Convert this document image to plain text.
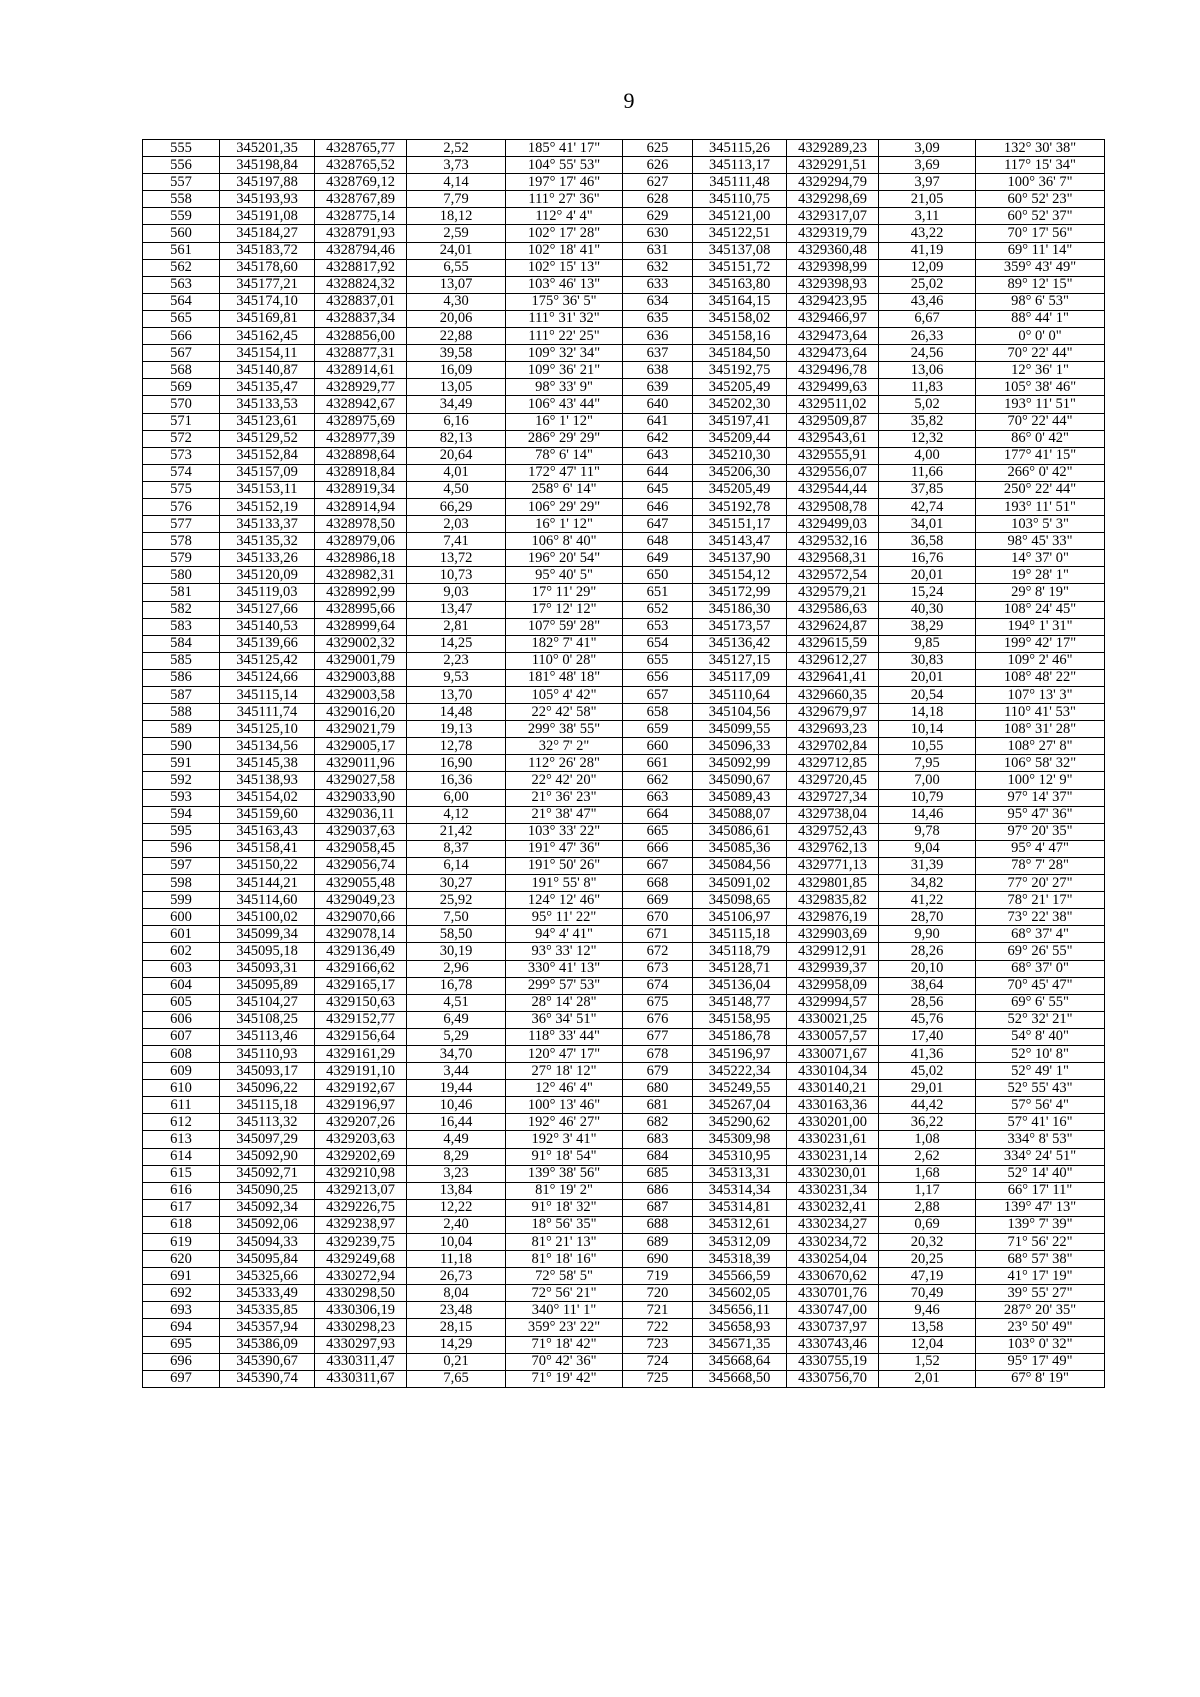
9
555	345201,35	4328765,77	2,52	185° 41' 17"	625	345115,26	4329289,23	3,09	132° 30' 38"
556	345198,84	4328765,52	3,73	104° 55' 53"	626	345113,17	4329291,51	3,69	117° 15' 34"
557	345197,88	4328769,12	4,14	197° 17' 46"	627	345111,48	4329294,79	3,97	100° 36' 7"
558	345193,93	4328767,89	7,79	111° 27' 36"	628	345110,75	4329298,69	21,05	60° 52' 23"
559	345191,08	4328775,14	18,12	112° 4' 4"	629	345121,00	4329317,07	3,11	60° 52' 37"
560	345184,27	4328791,93	2,59	102° 17' 28"	630	345122,51	4329319,79	43,22	70° 17' 56"
561	345183,72	4328794,46	24,01	102° 18' 41"	631	345137,08	4329360,48	41,19	69° 11' 14"
562	345178,60	4328817,92	6,55	102° 15' 13"	632	345151,72	4329398,99	12,09	359° 43' 49"
563	345177,21	4328824,32	13,07	103° 46' 13"	633	345163,80	4329398,93	25,02	89° 12' 15"
564	345174,10	4328837,01	4,30	175° 36' 5"	634	345164,15	4329423,95	43,46	98° 6' 53"
565	345169,81	4328837,34	20,06	111° 31' 32"	635	345158,02	4329466,97	6,67	88° 44' 1"
566	345162,45	4328856,00	22,88	111° 22' 25"	636	345158,16	4329473,64	26,33	0° 0' 0"
567	345154,11	4328877,31	39,58	109° 32' 34"	637	345184,50	4329473,64	24,56	70° 22' 44"
568	345140,87	4328914,61	16,09	109° 36' 21"	638	345192,75	4329496,78	13,06	12° 36' 1"
569	345135,47	4328929,77	13,05	98° 33' 9"	639	345205,49	4329499,63	11,83	105° 38' 46"
570	345133,53	4328942,67	34,49	106° 43' 44"	640	345202,30	4329511,02	5,02	193° 11' 51"
571	345123,61	4328975,69	6,16	16° 1' 12"	641	345197,41	4329509,87	35,82	70° 22' 44"
572	345129,52	4328977,39	82,13	286° 29' 29"	642	345209,44	4329543,61	12,32	86° 0' 42"
573	345152,84	4328898,64	20,64	78° 6' 14"	643	345210,30	4329555,91	4,00	177° 41' 15"
574	345157,09	4328918,84	4,01	172° 47' 11"	644	345206,30	4329556,07	11,66	266° 0' 42"
575	345153,11	4328919,34	4,50	258° 6' 14"	645	345205,49	4329544,44	37,85	250° 22' 44"
576	345152,19	4328914,94	66,29	106° 29' 29"	646	345192,78	4329508,78	42,74	193° 11' 51"
577	345133,37	4328978,50	2,03	16° 1' 12"	647	345151,17	4329499,03	34,01	103° 5' 3"
578	345135,32	4328979,06	7,41	106° 8' 40"	648	345143,47	4329532,16	36,58	98° 45' 33"
579	345133,26	4328986,18	13,72	196° 20' 54"	649	345137,90	4329568,31	16,76	14° 37' 0"
580	345120,09	4328982,31	10,73	95° 40' 5"	650	345154,12	4329572,54	20,01	19° 28' 1"
581	345119,03	4328992,99	9,03	17° 11' 29"	651	345172,99	4329579,21	15,24	29° 8' 19"
582	345127,66	4328995,66	13,47	17° 12' 12"	652	345186,30	4329586,63	40,30	108° 24' 45"
583	345140,53	4328999,64	2,81	107° 59' 28"	653	345173,57	4329624,87	38,29	194° 1' 31"
584	345139,66	4329002,32	14,25	182° 7' 41"	654	345136,42	4329615,59	9,85	199° 42' 17"
585	345125,42	4329001,79	2,23	110° 0' 28"	655	345127,15	4329612,27	30,83	109° 2' 46"
586	345124,66	4329003,88	9,53	181° 48' 18"	656	345117,09	4329641,41	20,01	108° 48' 22"
587	345115,14	4329003,58	13,70	105° 4' 42"	657	345110,64	4329660,35	20,54	107° 13' 3"
588	345111,74	4329016,20	14,48	22° 42' 58"	658	345104,56	4329679,97	14,18	110° 41' 53"
589	345125,10	4329021,79	19,13	299° 38' 55"	659	345099,55	4329693,23	10,14	108° 31' 28"
590	345134,56	4329005,17	12,78	32° 7' 2"	660	345096,33	4329702,84	10,55	108° 27' 8"
591	345145,38	4329011,96	16,90	112° 26' 28"	661	345092,99	4329712,85	7,95	106° 58' 32"
592	345138,93	4329027,58	16,36	22° 42' 20"	662	345090,67	4329720,45	7,00	100° 12' 9"
593	345154,02	4329033,90	6,00	21° 36' 23"	663	345089,43	4329727,34	10,79	97° 14' 37"
594	345159,60	4329036,11	4,12	21° 38' 47"	664	345088,07	4329738,04	14,46	95° 47' 36"
595	345163,43	4329037,63	21,42	103° 33' 22"	665	345086,61	4329752,43	9,78	97° 20' 35"
596	345158,41	4329058,45	8,37	191° 47' 36"	666	345085,36	4329762,13	9,04	95° 4' 47"
597	345150,22	4329056,74	6,14	191° 50' 26"	667	345084,56	4329771,13	31,39	78° 7' 28"
598	345144,21	4329055,48	30,27	191° 55' 8"	668	345091,02	4329801,85	34,82	77° 20' 27"
599	345114,60	4329049,23	25,92	124° 12' 46"	669	345098,65	4329835,82	41,22	78° 21' 17"
600	345100,02	4329070,66	7,50	95° 11' 22"	670	345106,97	4329876,19	28,70	73° 22' 38"
601	345099,34	4329078,14	58,50	94° 4' 41"	671	345115,18	4329903,69	9,90	68° 37' 4"
602	345095,18	4329136,49	30,19	93° 33' 12"	672	345118,79	4329912,91	28,26	69° 26' 55"
603	345093,31	4329166,62	2,96	330° 41' 13"	673	345128,71	4329939,37	20,10	68° 37' 0"
604	345095,89	4329165,17	16,78	299° 57' 53"	674	345136,04	4329958,09	38,64	70° 45' 47"
605	345104,27	4329150,63	4,51	28° 14' 28"	675	345148,77	4329994,57	28,56	69° 6' 55"
606	345108,25	4329152,77	6,49	36° 34' 51"	676	345158,95	4330021,25	45,76	52° 32' 21"
607	345113,46	4329156,64	5,29	118° 33' 44"	677	345186,78	4330057,57	17,40	54° 8' 40"
608	345110,93	4329161,29	34,70	120° 47' 17"	678	345196,97	4330071,67	41,36	52° 10' 8"
609	345093,17	4329191,10	3,44	27° 18' 12"	679	345222,34	4330104,34	45,02	52° 49' 1"
610	345096,22	4329192,67	19,44	12° 46' 4"	680	345249,55	4330140,21	29,01	52° 55' 43"
611	345115,18	4329196,97	10,46	100° 13' 46"	681	345267,04	4330163,36	44,42	57° 56' 4"
612	345113,32	4329207,26	16,44	192° 46' 27"	682	345290,62	4330201,00	36,22	57° 41' 16"
613	345097,29	4329203,63	4,49	192° 3' 41"	683	345309,98	4330231,61	1,08	334° 8' 53"
614	345092,90	4329202,69	8,29	91° 18' 54"	684	345310,95	4330231,14	2,62	334° 24' 51"
615	345092,71	4329210,98	3,23	139° 38' 56"	685	345313,31	4330230,01	1,68	52° 14' 40"
616	345090,25	4329213,07	13,84	81° 19' 2"	686	345314,34	4330231,34	1,17	66° 17' 11"
617	345092,34	4329226,75	12,22	91° 18' 32"	687	345314,81	4330232,41	2,88	139° 47' 13"
618	345092,06	4329238,97	2,40	18° 56' 35"	688	345312,61	4330234,27	0,69	139° 7' 39"
619	345094,33	4329239,75	10,04	81° 21' 13"	689	345312,09	4330234,72	20,32	71° 56' 22"
620	345095,84	4329249,68	11,18	81° 18' 16"	690	345318,39	4330254,04	20,25	68° 57' 38"
691	345325,66	4330272,94	26,73	72° 58' 5"	719	345566,59	4330670,62	47,19	41° 17' 19"
692	345333,49	4330298,50	8,04	72° 56' 21"	720	345602,05	4330701,76	70,49	39° 55' 27"
693	345335,85	4330306,19	23,48	340° 11' 1"	721	345656,11	4330747,00	9,46	287° 20' 35"
694	345357,94	4330298,23	28,15	359° 23' 22"	722	345658,93	4330737,97	13,58	23° 50' 49"
695	345386,09	4330297,93	14,29	71° 18' 42"	723	345671,35	4330743,46	12,04	103° 0' 32"
696	345390,67	4330311,47	0,21	70° 42' 36"	724	345668,64	4330755,19	1,52	95° 17' 49"
697	345390,74	4330311,67	7,65	71° 19' 42"	725	345668,50	4330756,70	2,01	67° 8' 19"
